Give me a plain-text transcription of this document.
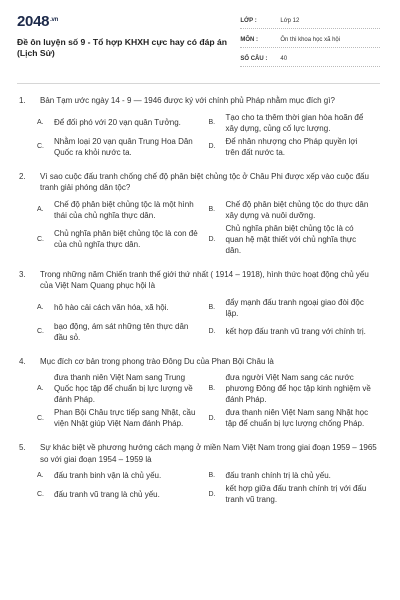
$2048^{.vn}$
Đề ôn luyện số 9 - Tổ hợp KHXH cực hay có đáp án (Lịch Sử)
LỚP :	Lớp 12
MÔN :	Ôn thi khoa học xã hội
SỐ CÂU :	40
1.	Bản Tạm ước ngày 14 - 9 — 1946 được ký với chính phủ Pháp nhằm mục đích gì?
A.	Để đối phó với 20 vạn quân Tưởng.	B.
Tạo cho ta thêm thời gian hòa hoãn để xây dựng, củng cố lực lượng.
C.
Nhằm loại 20 vạn quân Trung Hoa Dân Quốc ra khỏi nước ta.
D.
Để nhân nhượng cho Pháp quyền lợi trên đất nước ta.
2.	Vì sao cuộc đấu tranh chống chế độ phân biệt chủng tộc ở Châu Phi được xếp vào cuộc đấu tranh giải phóng dân tộc?
A.
Chế độ phân biệt chủng tộc là một hình thái của chủ nghĩa thực dân.
B.
Chế độ phân biệt chủng tộc do thực dân xây dựng và nuôi dưỡng.
C.
Chủ nghĩa phân biệt chủng tộc là con đẻ của chủ nghĩa thực dân.
D.
Chủ nghĩa phân biệt chủng tộc là có quan hệ mật thiết với chủ nghĩa thực dân.
3.	Trong những năm Chiến tranh thế giới thứ nhất ( 1914 – 1918), hình thức hoạt động chủ yếu của Việt Nam Quang phục hội là
A.	hô hào cải cách văn hóa, xã hội.	B.
đẩy mạnh đấu tranh ngoại giao đòi độc lập.
C.
bạo động, ám sát những tên thực dân đầu sỏ.
D.	kết hợp đấu tranh vũ trang với chính trị.
4.	Mục đích cơ bản trong phong trào Đông Du của Phan Bội Châu là
A.
đưa thanh niên Việt Nam sang Trung Quốc học tập để chuẩn bị lực lượng về đánh Pháp.
B.
đưa người Việt Nam sang các nước phương Đông để học tập kinh nghiệm về đánh Pháp.
C.
Phan Bội Châu trực tiếp sang Nhật, cầu viện Nhật giúp Việt Nam đánh Pháp.
D.
đưa thanh niên Việt Nam sang Nhật học tập để chuẩn bị lực lượng chống Pháp.
5.	Sự khác biệt về phương hướng cách mạng ở miền Nam Việt Nam trong giai đoạn 1959 – 1965 so với giai đoạn 1954 – 1959 là
A.	đấu tranh binh vận là chủ yếu.	B.	đấu tranh chính trị là chủ yếu.
C.	đấu tranh vũ trang là chủ yếu.	D.
kết hợp giữa đấu tranh chính trị với đấu tranh vũ trang.
